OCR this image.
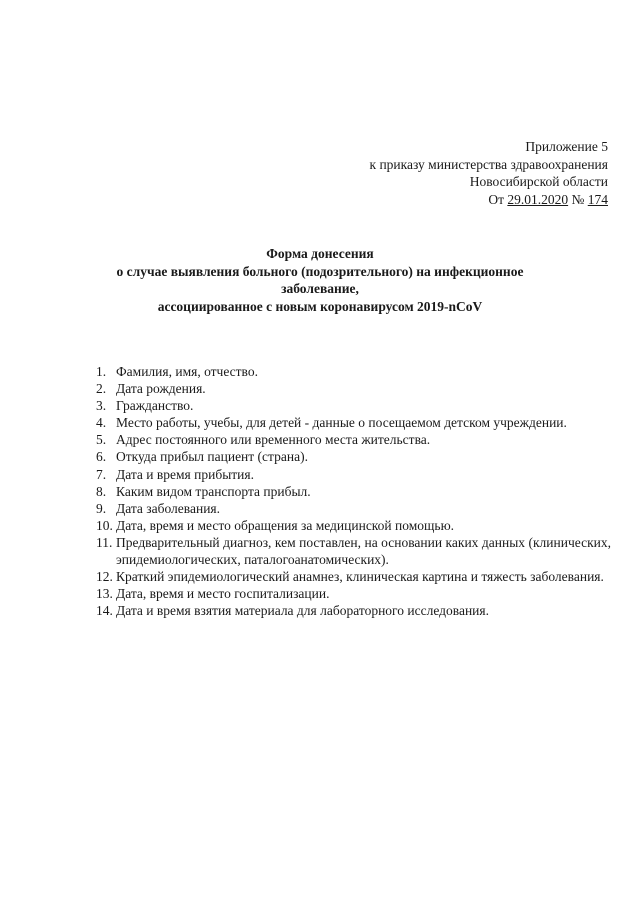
Приложение 5
к приказу министерства здравоохранения
Новосибирской области
От 29.01.2020 № 174
Форма донесения
о случае выявления больного (подозрительного) на инфекционное
заболевание,
ассоциированное с новым коронавирусом 2019-nCoV
1. Фамилия, имя, отчество.
2. Дата рождения.
3. Гражданство.
4. Место работы, учебы, для детей - данные о посещаемом детском учреждении.
5. Адрес постоянного или временного места жительства.
6. Откуда прибыл пациент (страна).
7. Дата и время прибытия.
8. Каким видом транспорта прибыл.
9. Дата заболевания.
10. Дата, время и место обращения за медицинской помощью.
11. Предварительный диагноз, кем поставлен, на основании каких данных (клинических, эпидемиологических, паталогоанатомических).
12. Краткий эпидемиологический анамнез, клиническая картина и тяжесть заболевания.
13. Дата, время и место госпитализации.
14. Дата и время взятия материала для лабораторного исследования.
